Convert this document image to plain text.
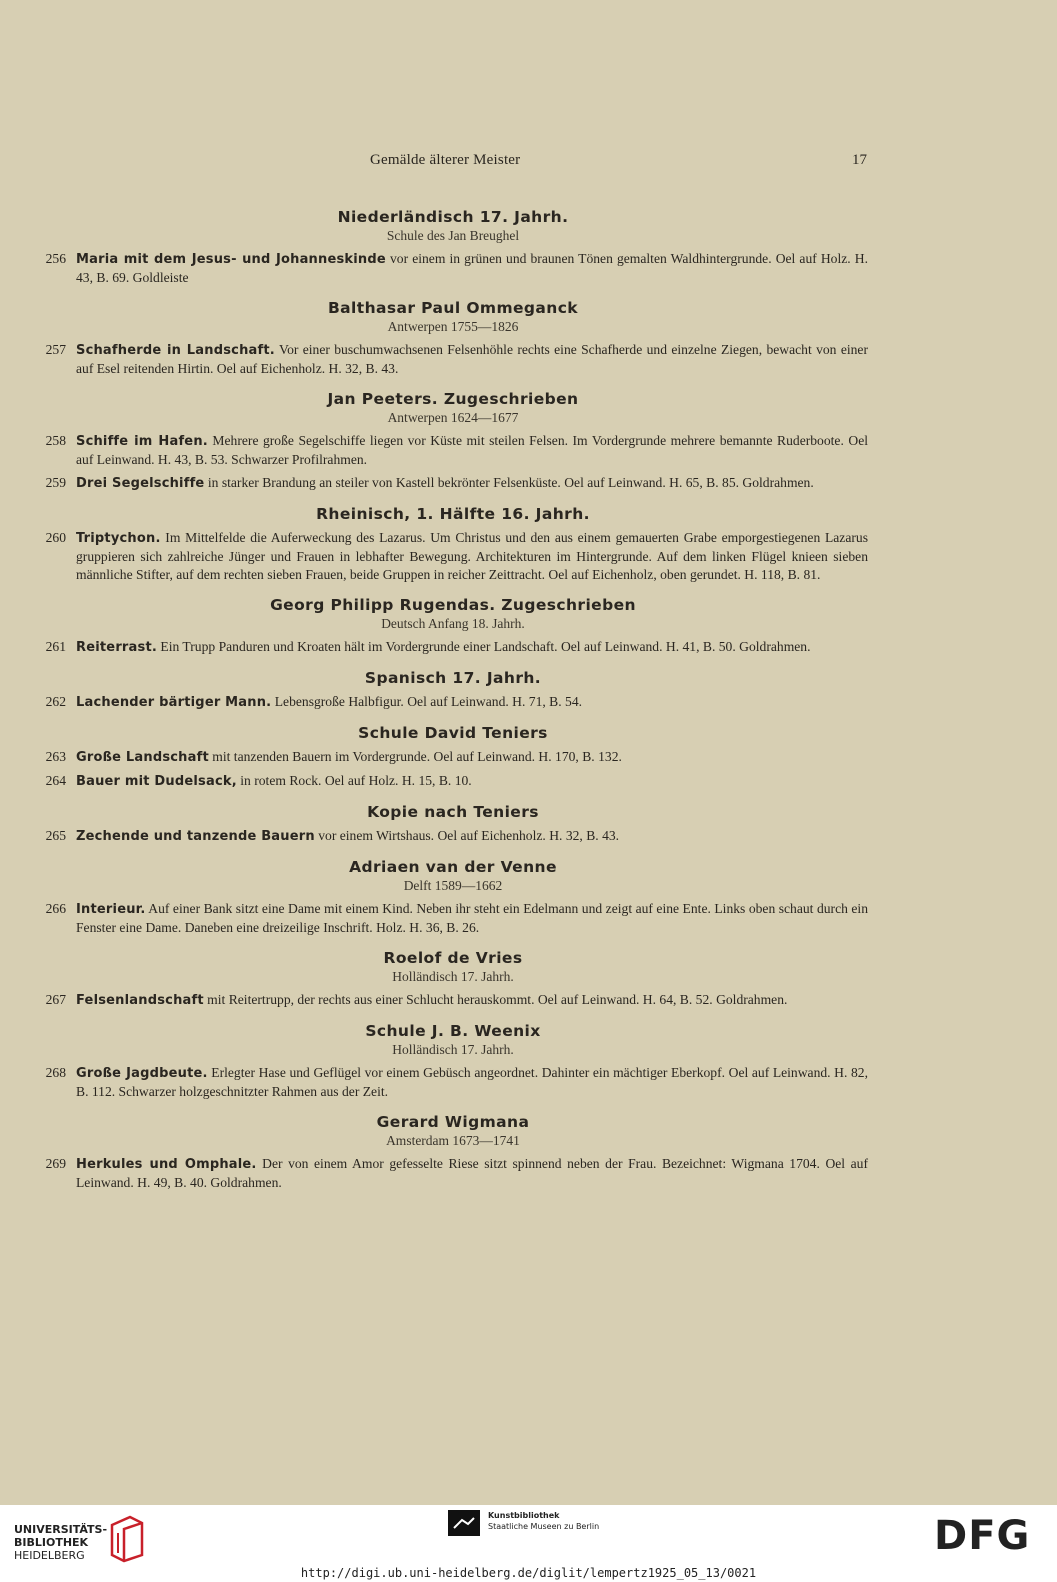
Gemälde älterer Meister	17
Niederländisch 17. Jahrh.
Schule des Jan Breughel
256 Maria mit dem Jesus- und Johanneskinde vor einem in grünen und braunen Tönen gemalten Waldhintergrunde. Oel auf Holz. H. 43, B. 69. Goldleiste
Balthasar Paul Ommeganck
Antwerpen 1755—1826
257 Schafherde in Landschaft. Vor einer buschumwachsenen Felsenhöhle rechts eine Schafherde und einzelne Ziegen, bewacht von einer auf Esel reitenden Hirtin. Oel auf Eichenholz. H. 32, B. 43.
Jan Peeters. Zugeschrieben
Antwerpen 1624—1677
258 Schiffe im Hafen. Mehrere große Segelschiffe liegen vor Küste mit steilen Felsen. Im Vordergrunde mehrere bemannte Ruderboote. Oel auf Leinwand. H. 43, B. 53. Schwarzer Profilrahmen.
259 Drei Segelschiffe in starker Brandung an steiler von Kastell bekrönter Felsenküste. Oel auf Leinwand. H. 65, B. 85. Goldrahmen.
Rheinisch, 1. Hälfte 16. Jahrh.
260 Triptychon. Im Mittelfelde die Auferweckung des Lazarus. Um Christus und den aus einem gemauerten Grabe emporgestiegenen Lazarus gruppieren sich zahlreiche Jünger und Frauen in lebhafter Bewegung. Architekturen im Hintergrunde. Auf dem linken Flügel knieen sieben männliche Stifter, auf dem rechten sieben Frauen, beide Gruppen in reicher Zeittracht. Oel auf Eichenholz, oben gerundet. H. 118, B. 81.
Georg Philipp Rugendas. Zugeschrieben
Deutsch Anfang 18. Jahrh.
261 Reiterrast. Ein Trupp Panduren und Kroaten hält im Vordergrunde einer Landschaft. Oel auf Leinwand. H. 41, B. 50. Goldrahmen.
Spanisch 17. Jahrh.
262 Lachender bärtiger Mann. Lebensgroße Halbfigur. Oel auf Leinwand. H. 71, B. 54.
Schule David Teniers
263 Große Landschaft mit tanzenden Bauern im Vordergrunde. Oel auf Leinwand. H. 170, B. 132.
264 Bauer mit Dudelsack, in rotem Rock. Oel auf Holz. H. 15, B. 10.
Kopie nach Teniers
265 Zechende und tanzende Bauern vor einem Wirtshaus. Oel auf Eichenholz. H. 32, B. 43.
Adriaen van der Venne
Delft 1589—1662
266 Interieur. Auf einer Bank sitzt eine Dame mit einem Kind. Neben ihr steht ein Edelmann und zeigt auf eine Ente. Links oben schaut durch ein Fenster eine Dame. Daneben eine dreizeilige Inschrift. Holz. H. 36, B. 26.
Roelof de Vries
Holländisch 17. Jahrh.
267 Felsenlandschaft mit Reitertrupp, der rechts aus einer Schlucht herauskommt. Oel auf Leinwand. H. 64, B. 52. Goldrahmen.
Schule J. B. Weenix
Holländisch 17. Jahrh.
268 Große Jagdbeute. Erlegter Hase und Geflügel vor einem Gebüsch angeordnet. Dahinter ein mächtiger Eberkopf. Oel auf Leinwand. H. 82, B. 112. Schwarzer holzgeschnitzter Rahmen aus der Zeit.
Gerard Wigmana
Amsterdam 1673—1741
269 Herkules und Omphale. Der von einem Amor gefesselte Riese sitzt spinnend neben der Frau. Bezeichnet: Wigmana 1704. Oel auf Leinwand. H. 49, B. 40. Goldrahmen.
UNIVERSITÄTS-
BIBLIOTHEK
HEIDELBERG
Kunstbibliothek
Staatliche Museen zu Berlin	DFG
http://digi.ub.uni-heidelberg.de/diglit/lempertz1925_05_13/0021
